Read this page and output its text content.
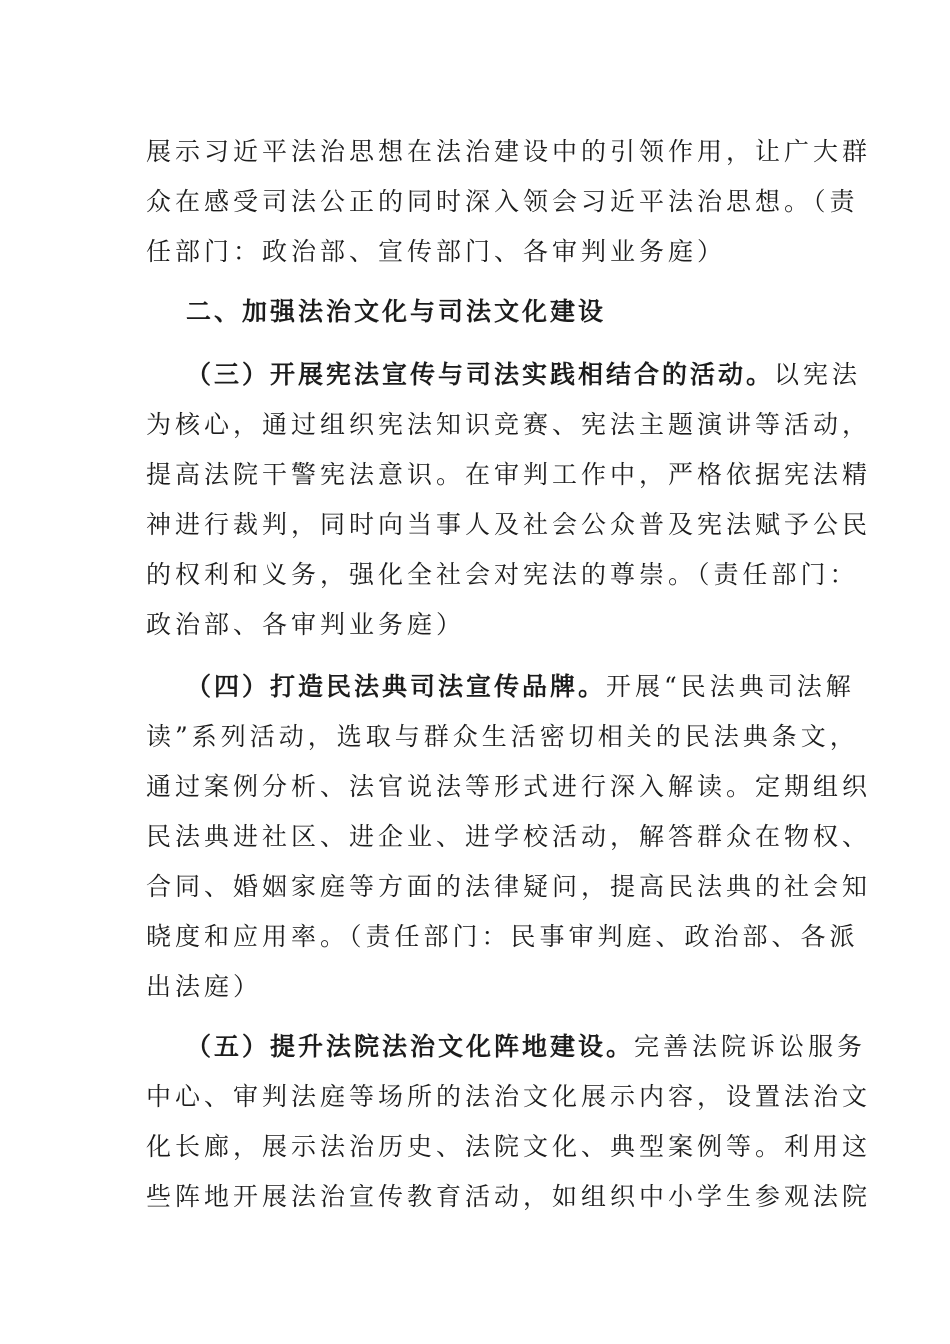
展示习近平法治思想在法治建设中的引领作用，让广大群
众在感受司法公正的同时深入领会习近平法治思想。（责
任部门：政治部、宣传部门、各审判业务庭）
二、加强法治文化与司法文化建设
（三）开展宪法宣传与司法实践相结合的活动。以宪法
为核心，通过组织宪法知识竞赛、宪法主题演讲等活动，
提高法院干警宪法意识。在审判工作中，严格依据宪法精
神进行裁判，同时向当事人及社会公众普及宪法赋予公民
的权利和义务，强化全社会对宪法的尊崇。（责任部门：
政治部、各审判业务庭）
（四）打造民法典司法宣传品牌。开展“民法典司法解
读”系列活动，选取与群众生活密切相关的民法典条文，
通过案例分析、法官说法等形式进行深入解读。定期组织
民法典进社区、进企业、进学校活动，解答群众在物权、
合同、婚姻家庭等方面的法律疑问，提高民法典的社会知
晓度和应用率。（责任部门：民事审判庭、政治部、各派
出法庭）
（五）提升法院法治文化阵地建设。完善法院诉讼服务
中心、审判法庭等场所的法治文化展示内容，设置法治文
化长廊，展示法治历史、法院文化、典型案例等。利用这
些阵地开展法治宣传教育活动，如组织中小学生参观法院
